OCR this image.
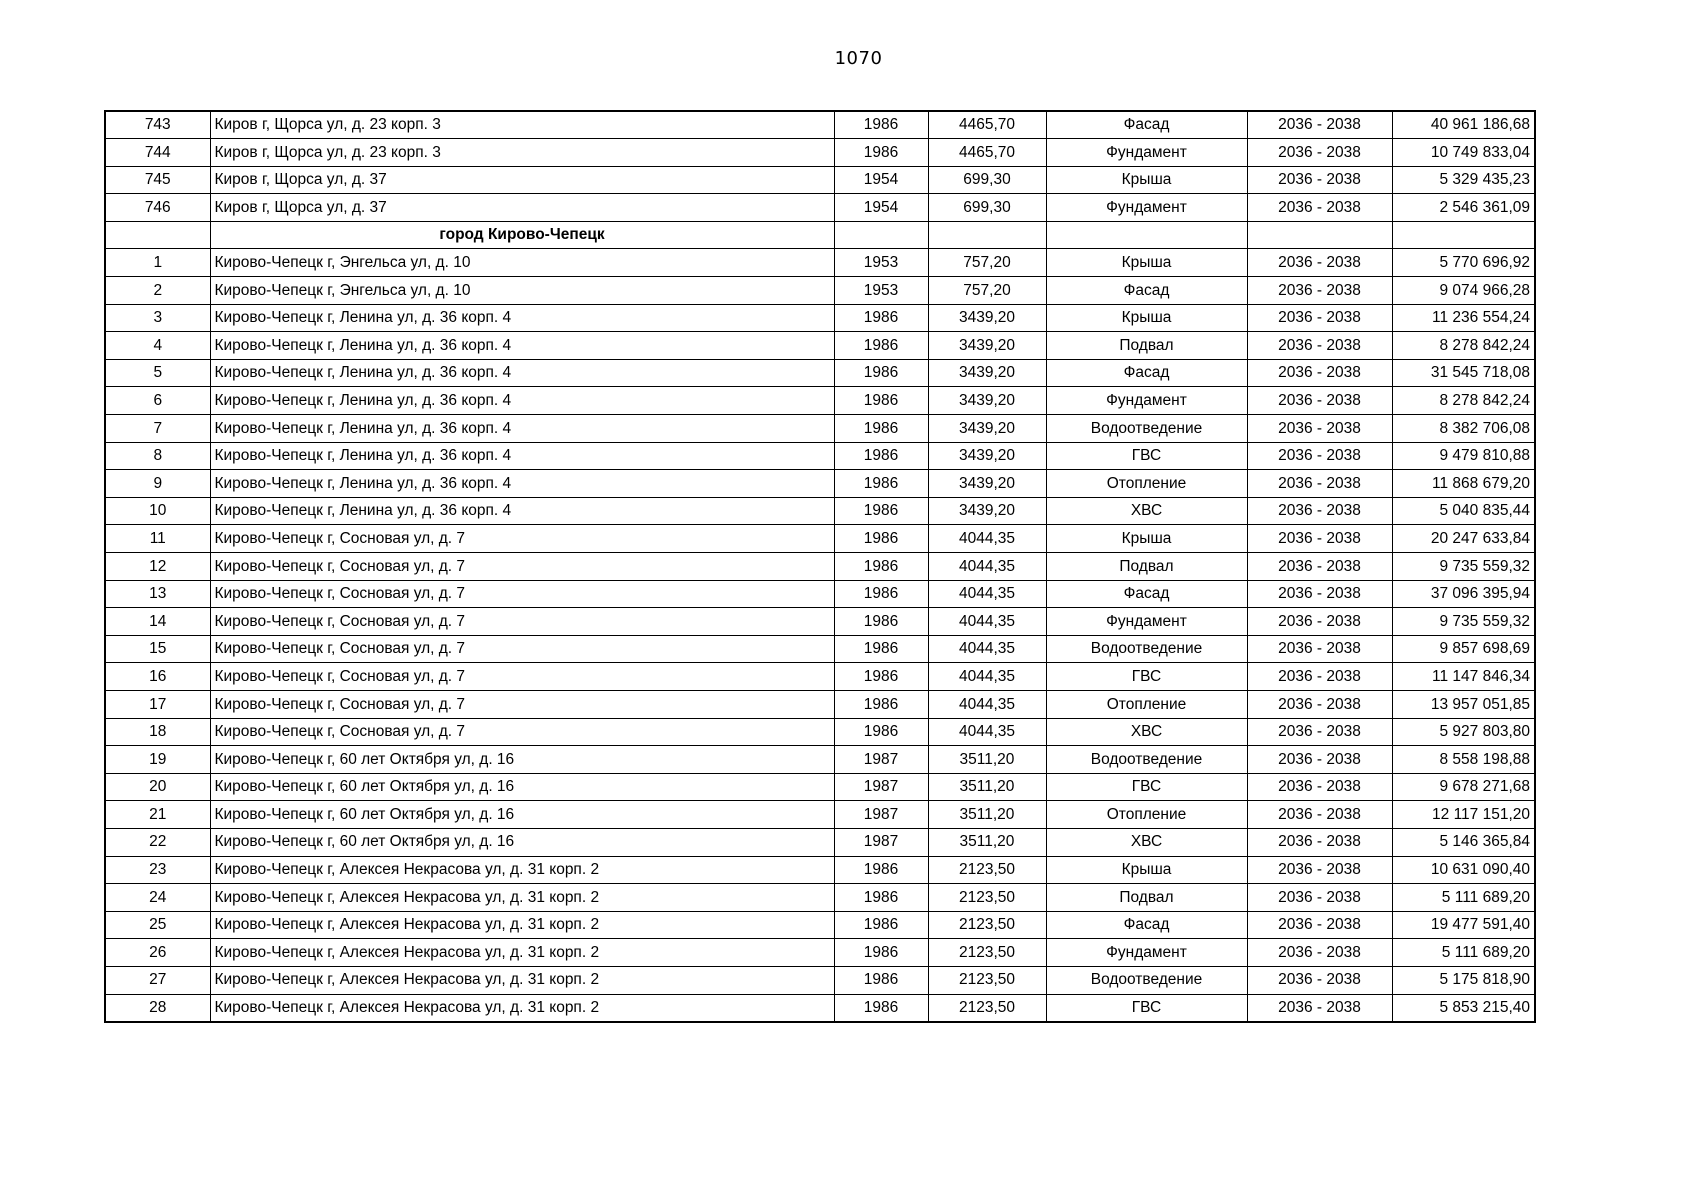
1070
743	Киров г, Щорса ул, д. 23 корп. 3	1986	4465,70	Фасад	2036 - 2038	40 961 186,68
744	Киров г, Щорса ул, д. 23 корп. 3	1986	4465,70	Фундамент	2036 - 2038	10 749 833,04
745	Киров г, Щорса ул, д. 37	1954	699,30	Крыша	2036 - 2038	5 329 435,23
746	Киров г, Щорса ул, д. 37	1954	699,30	Фундамент	2036 - 2038	2 546 361,09
	город Кирово-Чепецк					
1	Кирово-Чепецк г, Энгельса ул, д. 10	1953	757,20	Крыша	2036 - 2038	5 770 696,92
2	Кирово-Чепецк г, Энгельса ул, д. 10	1953	757,20	Фасад	2036 - 2038	9 074 966,28
3	Кирово-Чепецк г, Ленина ул, д. 36 корп. 4	1986	3439,20	Крыша	2036 - 2038	11 236 554,24
4	Кирово-Чепецк г, Ленина ул, д. 36 корп. 4	1986	3439,20	Подвал	2036 - 2038	8 278 842,24
5	Кирово-Чепецк г, Ленина ул, д. 36 корп. 4	1986	3439,20	Фасад	2036 - 2038	31 545 718,08
6	Кирово-Чепецк г, Ленина ул, д. 36 корп. 4	1986	3439,20	Фундамент	2036 - 2038	8 278 842,24
7	Кирово-Чепецк г, Ленина ул, д. 36 корп. 4	1986	3439,20	Водоотведение	2036 - 2038	8 382 706,08
8	Кирово-Чепецк г, Ленина ул, д. 36 корп. 4	1986	3439,20	ГВС	2036 - 2038	9 479 810,88
9	Кирово-Чепецк г, Ленина ул, д. 36 корп. 4	1986	3439,20	Отопление	2036 - 2038	11 868 679,20
10	Кирово-Чепецк г, Ленина ул, д. 36 корп. 4	1986	3439,20	ХВС	2036 - 2038	5 040 835,44
11	Кирово-Чепецк г, Сосновая ул, д. 7	1986	4044,35	Крыша	2036 - 2038	20 247 633,84
12	Кирово-Чепецк г, Сосновая ул, д. 7	1986	4044,35	Подвал	2036 - 2038	9 735 559,32
13	Кирово-Чепецк г, Сосновая ул, д. 7	1986	4044,35	Фасад	2036 - 2038	37 096 395,94
14	Кирово-Чепецк г, Сосновая ул, д. 7	1986	4044,35	Фундамент	2036 - 2038	9 735 559,32
15	Кирово-Чепецк г, Сосновая ул, д. 7	1986	4044,35	Водоотведение	2036 - 2038	9 857 698,69
16	Кирово-Чепецк г, Сосновая ул, д. 7	1986	4044,35	ГВС	2036 - 2038	11 147 846,34
17	Кирово-Чепецк г, Сосновая ул, д. 7	1986	4044,35	Отопление	2036 - 2038	13 957 051,85
18	Кирово-Чепецк г, Сосновая ул, д. 7	1986	4044,35	ХВС	2036 - 2038	5 927 803,80
19	Кирово-Чепецк г, 60 лет Октября ул, д. 16	1987	3511,20	Водоотведение	2036 - 2038	8 558 198,88
20	Кирово-Чепецк г, 60 лет Октября ул, д. 16	1987	3511,20	ГВС	2036 - 2038	9 678 271,68
21	Кирово-Чепецк г, 60 лет Октября ул, д. 16	1987	3511,20	Отопление	2036 - 2038	12 117 151,20
22	Кирово-Чепецк г, 60 лет Октября ул, д. 16	1987	3511,20	ХВС	2036 - 2038	5 146 365,84
23	Кирово-Чепецк г, Алексея Некрасова ул, д. 31 корп. 2	1986	2123,50	Крыша	2036 - 2038	10 631 090,40
24	Кирово-Чепецк г, Алексея Некрасова ул, д. 31 корп. 2	1986	2123,50	Подвал	2036 - 2038	5 111 689,20
25	Кирово-Чепецк г, Алексея Некрасова ул, д. 31 корп. 2	1986	2123,50	Фасад	2036 - 2038	19 477 591,40
26	Кирово-Чепецк г, Алексея Некрасова ул, д. 31 корп. 2	1986	2123,50	Фундамент	2036 - 2038	5 111 689,20
27	Кирово-Чепецк г, Алексея Некрасова ул, д. 31 корп. 2	1986	2123,50	Водоотведение	2036 - 2038	5 175 818,90
28	Кирово-Чепецк г, Алексея Некрасова ул, д. 31 корп. 2	1986	2123,50	ГВС	2036 - 2038	5 853 215,40
